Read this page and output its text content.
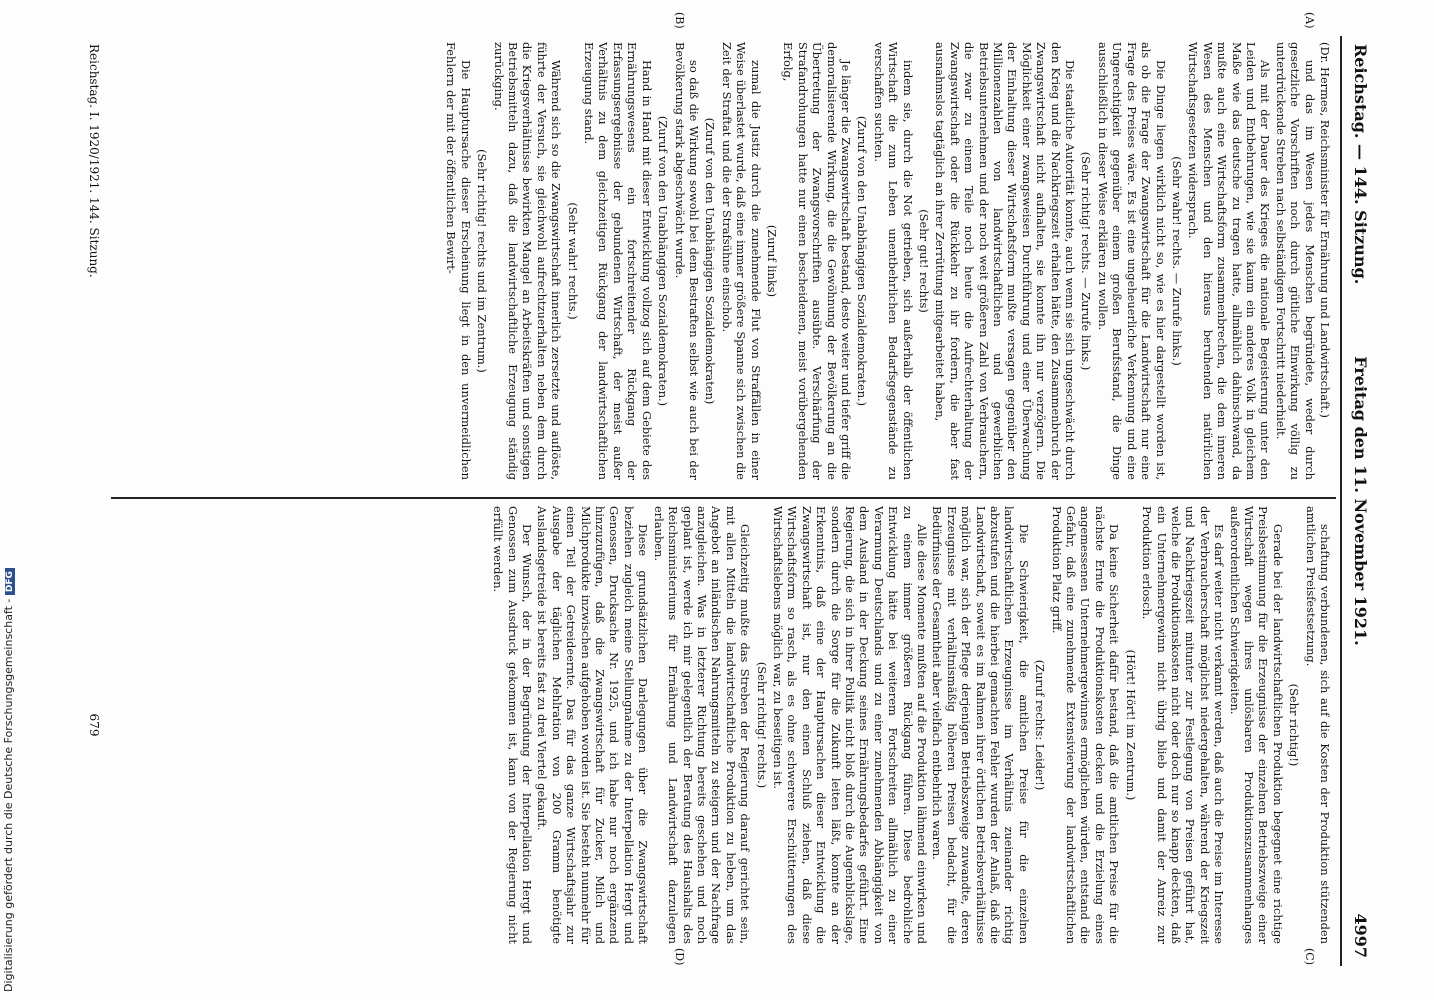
Reichstag. — 144. Sitzung.
Freitag den 11. November 1921.
4997
(A)
(B)
(C)
(D)

(Dr. Hermes, Reichsminister für Ernährung und Landwirtschaft.)

und das im Wesen jedes Menschen begründete, weder durch gesetzliche Vorschriften noch durch gütliche Einwirkung völlig zu unterdrückende Streben nach selbständigem Fortschritt niederhielt.

Als mit der Dauer des Krieges die nationale Begeisterung unter den Leiden und Entbehrungen, wie sie kaum ein anderes Volk in gleichem Maße wie das deutsche zu tragen hatte, allmählich dahinschwand, da mußte auch eine Wirtschaftsform zusammenbrechen, die dem inneren Wesen des Menschen und den hieraus beruhenden natürlichen Wirtschaftsgesetzen widersprach.

(Sehr wahr! rechts. — Zurufe links.)

Die Dinge liegen wirklich nicht so, wie es hier dargestellt worden ist, als ob die Frage der Zwangswirtschaft für die Landwirtschaft nur eine Frage des Preises wäre. Es ist eine ungeheuerliche Verkennung und eine Ungerechtigkeit gegenüber einem großen Berufsstand, die Dinge ausschließlich in dieser Weise erklären zu wollen.

(Sehr richtig! rechts. — Zurufe links.)

Die staatliche Autorität konnte, auch wenn sie sich ungeschwächt durch den Krieg und die Nachkriegszeit erhalten hätte, den Zusammenbruch der Zwangswirtschaft nicht aufhalten, sie konnte ihn nur verzögern. Die Möglichkeit einer zwangsweisen Durchführung und einer Überwachung der Einhaltung dieser Wirtschaftsform mußte versagen gegenüber den Millionenzahlen von landwirtschaftlichen und gewerblichen Betriebsunternehmen und der noch weit größeren Zahl von Verbrauchern, die zwar zu einem Teile noch heute die Aufrechterhaltung der Zwangswirtschaft oder die Rückkehr zu ihr fordern, die aber fast ausnahmslos tagtäglich an ihrer Zerrüttung mitgearbeitet haben,

(Sehr gut! rechts)

indem sie, durch die Not getrieben, sich außerhalb der öffentlichen Wirtschaft die zum Leben unentbehrlichen Bedarfsgegenstände zu verschaffen suchten.

(Zuruf von den Unabhängigen Sozialdemokraten.)

Je länger die Zwangswirtschaft bestand, desto weiter und tiefer griff die demoralisierende Wirkung, die die Gewöhnung der Bevölkerung an die Übertretung der Zwangsvorschriften ausübte. Verschärfung der Strafandrohungen hatte nur einen bescheidenen, meist vorübergehenden Erfolg,

(Zuruf links)

zumal die Justiz durch die zunehmende Flut von Straffällen in einer Weise überlastet wurde, daß eine immer größere Spanne sich zwischen die Zeit der Straftat und die der Strafsühne einschob.

(Zuruf von den Unabhängigen Sozialdemokraten)

so daß die Wirkung sowohl bei dem Bestraften selbst wie auch bei der Bevölkerung stark abgeschwächt wurde.

(Zuruf von den Unabhängigen Sozialdemokraten.)

Hand in Hand mit dieser Entwicklung vollzog sich auf dem Gebiete des Ernährungswesens ein fortschreitender Rückgang der Erfassungsergebnisse der gebundenen Wirtschaft, der meist außer Verhältnis zu dem gleichzeitigen Rückgang der landwirtschaftlichen Erzeugung stand.

(Sehr wahr! rechts.)

Während sich so die Zwangswirtschaft innerlich zersetzte und auflöste, führte der Versuch, sie gleichwohl aufrechtzuerhalten neben dem durch die Kriegsverhältnisse bewirkten Mangel an Arbeitskräften und sonstigen Betriebsmitteln dazu, daß die landwirtschaftliche Erzeugung ständig zurückging.

(Sehr richtig! rechts und im Zentrum.)

Die Hauptursache dieser Erscheinung liegt in den unvermeidlichen Fehlern der mit der öffentlichen Bewirt-

schaftung verbundenen, sich auf die Kosten der Produktion stützenden amtlichen Preisfestsetzung.

(Sehr richtig!)

Gerade bei der landwirtschaftlichen Produktion begegnet eine richtige Preisbestimmung für die Erzeugnisse der einzelnen Betriebszweige einer Wirtschaft wegen ihres unlösbaren Produktionszusammenhanges außerordentlichen Schwierigkeiten.

Es darf weiter nicht verkannt werden, daß auch die Preise im Interesse der Verbraucherschaft möglichst niedergehalten, während der Kriegszeit und Nachkriegszeit mitunter zur Festlegung von Preisen geführt hat, welche die Produktionskosten nicht oder doch nur so knapp deckten, daß ein Unternehmergewinn nicht übrig blieb und damit der Anreiz zur Produktion erlosch.

(Hört! Hört! im Zentrum.)

Da keine Sicherheit dafür bestand, daß die amtlichen Preise für die nächste Ernte die Produktionskosten decken und die Erzielung eines angemessenen Unternehmergewinnes ermöglichen würden, entstand die Gefahr, daß eine zunehmende Extensivierung der landwirtschaftlichen Produktion Platz griff.

(Zuruf rechts: Leider!)

Die Schwierigkeit, die amtlichen Preise für die einzelnen landwirtschaftlichen Erzeugnisse im Verhältnis zueinander richtig abzustufen und die hierbei gemachten Fehler wurden der Anlaß, daß die Landwirtschaft, soweit es im Rahmen ihrer örtlichen Betriebsverhältnisse möglich war, sich der Pflege derjenigen Betriebszweige zuwandte, deren Erzeugnisse mit verhältnismäßig höheren Preisen bedacht, für die Bedürfnisse der Gesamtheit aber vielfach entbehrlich waren.

Alle diese Momente mußten auf die Produktion lähmend einwirken und zu einem immer größeren Rückgang führen. Diese bedrohliche Entwicklung hätte bei weiterem Fortschreiten allmählich zu einer Verarmung Deutschlands und zu einer zunehmenden Abhängigkeit von dem Ausland in der Deckung seines Ernährungsbedarfes geführt. Eine Regierung, die sich in ihrer Politik nicht bloß durch die Augenblickslage, sondern durch die Sorge für die Zukunft leiten läßt, konnte an der Erkenntnis, daß eine der Hauptursachen dieser Entwicklung die Zwangswirtschaft ist, nur den einen Schluß ziehen, daß diese Wirtschaftsform so rasch, als es ohne schwerere Erschütterungen des Wirtschaftslebens möglich war, zu beseitigen ist.

(Sehr richtig! rechts.)

Gleichzeitig mußte das Streben der Regierung darauf gerichtet sein, mit allen Mitteln die landwirtschaftliche Produktion zu heben, um das Angebot an inländischen Nahrungsmitteln zu steigern und der Nachfrage anzugleichen. Was in letzterer Richtung bereits geschehen und noch geplant ist, werde ich mir gelegentlich der Beratung des Haushalts des Reichsministeriums für Ernährung und Landwirtschaft darzulegen erlauben.

Diese grundsätzlichen Darlegungen über die Zwangswirtschaft beziehen zugleich meine Stellungnahme zu der Interpellation Hergt und Genossen, Drucksache Nr. 1925, und ich habe nur noch ergänzend hinzuzufügen, daß die Zwangswirtschaft für Zucker, Milch und Milchprodukte inzwischen aufgehoben worden ist. Sie besteht nunmehr für einen Teil der Getreideernte. Das für das ganze Wirtschaftsjahr zur Ausgabe der täglichen Mehlration von 200 Gramm benötigte Auslandsgetreide ist bereits fast zu drei Viertel gekauft.

Der Wunsch, der in der Begründung der Interpellation Hergt und Genossen zum Ausdruck gekommen ist, kann von der Regierung nicht erfüllt werden.

Reichstag. I. 1920/1921. 144. Sitzung.
679
Digitalisierung gefördert durch die Deutsche Forschungsgemeinschaft - DFG
